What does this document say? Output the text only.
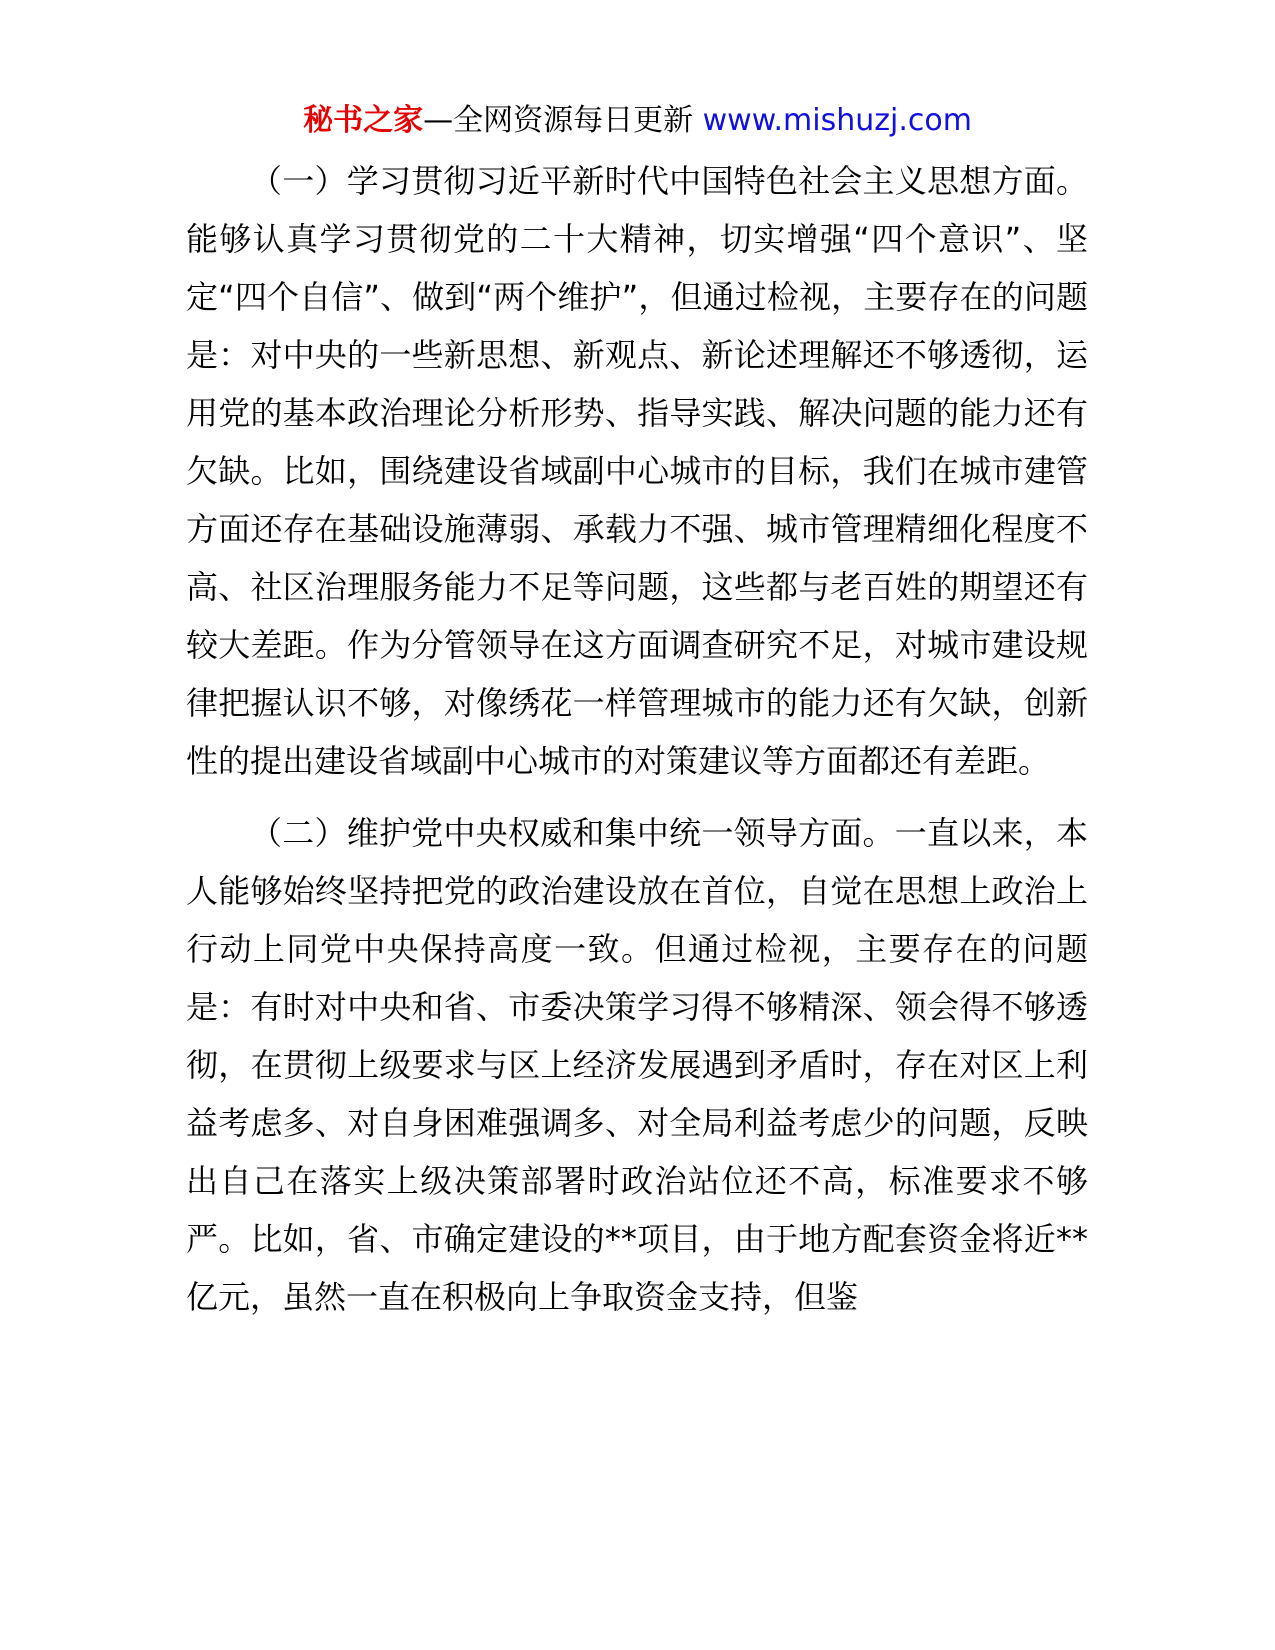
秘书之家—全网资源每日更新 www.mishuzj.com

（一）学习贯彻习近平新时代中国特色社会主义思想方面。能够认真学习贯彻党的二十大精神，切实增强“四个意识”、坚定“四个自信”、做到“两个维护”，但通过检视，主要存在的问题是：对中央的一些新思想、新观点、新论述理解还不够透彻，运用党的基本政治理论分析形势、指导实践、解决问题的能力还有欠缺。比如，围绕建设省域副中心城市的目标，我们在城市建管方面还存在基础设施薄弱、承载力不强、城市管理精细化程度不高、社区治理服务能力不足等问题，这些都与老百姓的期望还有较大差距。作为分管领导在这方面调查研究不足，对城市建设规律把握认识不够，对像绣花一样管理城市的能力还有欠缺，创新性的提出建设省域副中心城市的对策建议等方面都还有差距。

（二）维护党中央权威和集中统一领导方面。一直以来，本人能够始终坚持把党的政治建设放在首位，自觉在思想上政治上行动上同党中央保持高度一致。但通过检视，主要存在的问题是：有时对中央和省、市委决策学习得不够精深、领会得不够透彻，在贯彻上级要求与区上经济发展遇到矛盾时，存在对区上利益考虑多、对自身困难强调多、对全局利益考虑少的问题，反映出自己在落实上级决策部署时政治站位还不高，标准要求不够严。比如，省、市确定建设的**项目，由于地方配套资金将近**亿元，虽然一直在积极向上争取资金支持，但鉴
